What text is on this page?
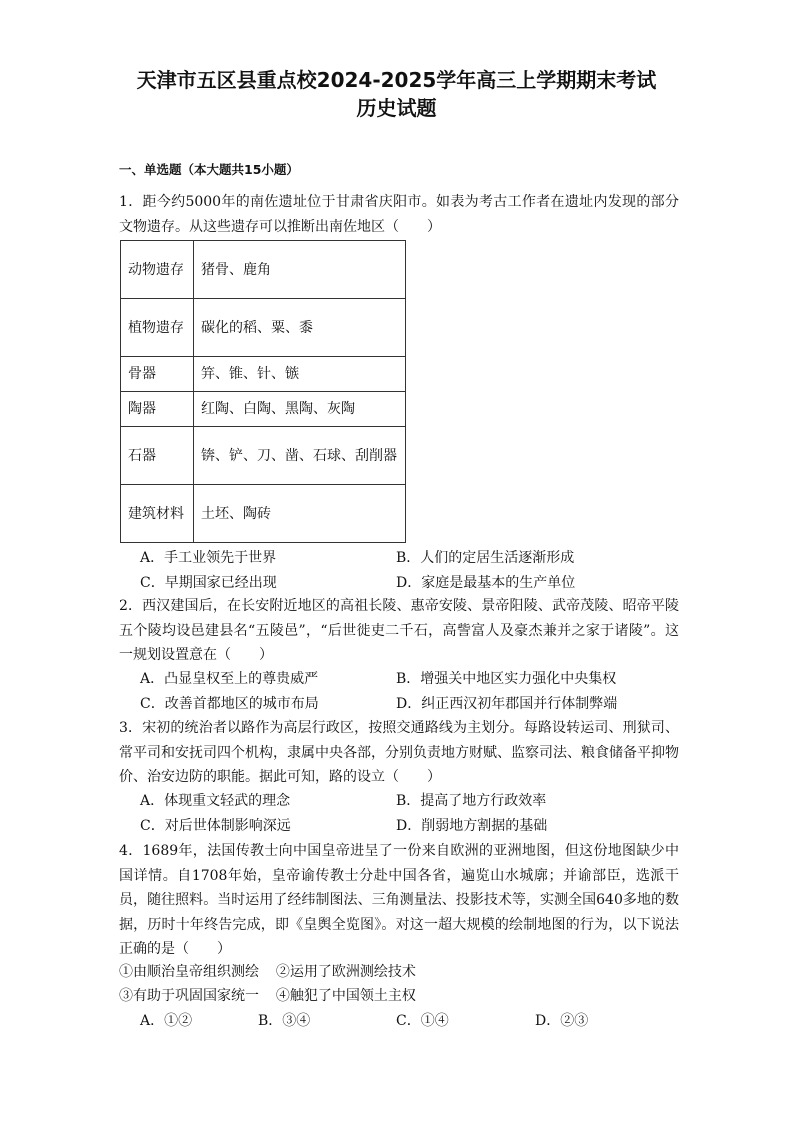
天津市五区县重点校2024-2025学年高三上学期期末考试
历史试题
一、单选题（本大题共15小题）
1．距今约5000年的南佐遗址位于甘肃省庆阳市。如表为考古工作者在遗址内发现的部分文物遗存。从这些遗存可以推断出南佐地区（　　）
动物遗存	猪骨、鹿角
植物遗存	碳化的稻、粟、黍
骨器	笄、锥、针、镞
陶器	红陶、白陶、黑陶、灰陶
石器	锛、铲、刀、凿、石球、刮削器
建筑材料	土坯、陶砖
A．手工业领先于世界	B．人们的定居生活逐渐形成
C．早期国家已经出现	D．家庭是最基本的生产单位
2．西汉建国后，在长安附近地区的高祖长陵、惠帝安陵、景帝阳陵、武帝茂陵、昭帝平陵五个陵均设邑建县名“五陵邑”，“后世徙吏二千石，高訾富人及豪杰兼并之家于诸陵”。这一规划设置意在（　　）
A．凸显皇权至上的尊贵威严	B．增强关中地区实力强化中央集权
C．改善首都地区的城市布局	D．纠正西汉初年郡国并行体制弊端
3．宋初的统治者以路作为高层行政区，按照交通路线为主划分。每路设转运司、刑狱司、常平司和安抚司四个机构，隶属中央各部，分别负责地方财赋、监察司法、粮食储备平抑物价、治安边防的职能。据此可知，路的设立（　　）
A．体现重文轻武的理念	B．提高了地方行政效率
C．对后世体制影响深远	D．削弱地方割据的基础
4．1689年，法国传教士向中国皇帝进呈了一份来自欧洲的亚洲地图，但这份地图缺少中国详情。自1708年始，皇帝谕传教士分赴中国各省，遍览山水城廓；并谕部臣，选派干员，随往照料。当时运用了经纬制图法、三角测量法、投影技术等，实测全国640多地的数据，历时十年终告完成，即《皇舆全览图》。对这一超大规模的绘制地图的行为，以下说法正确的是（　　）
①由顺治皇帝组织测绘 ②运用了欧洲测绘技术
③有助于巩固国家统一 ④触犯了中国领土主权
A．①②	B．③④	C．①④	D．②③
